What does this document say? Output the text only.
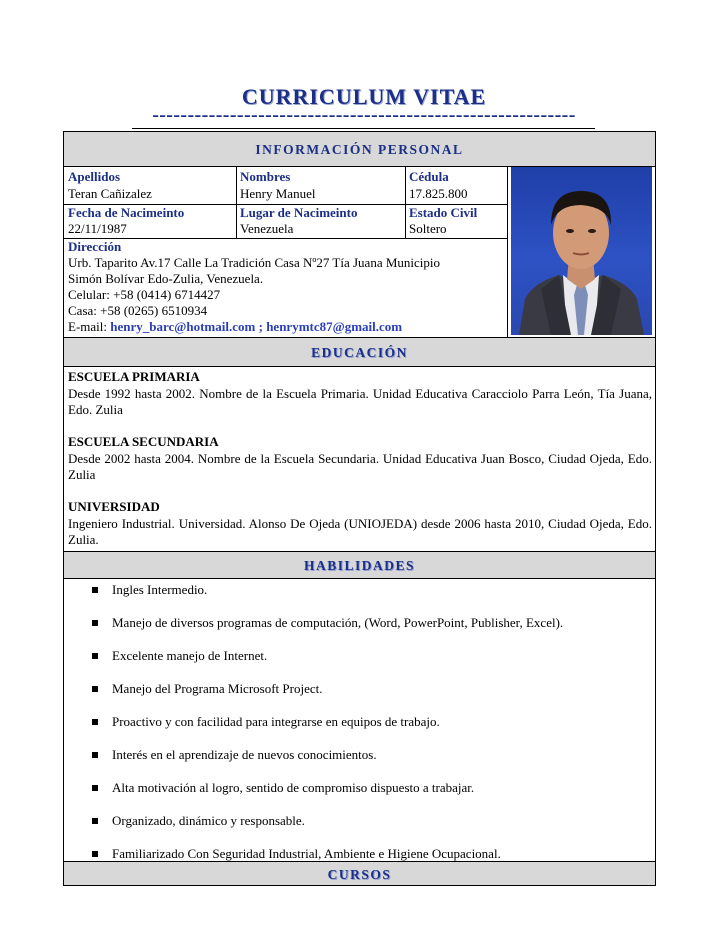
CURRICULUM VITAE
------------------------------------------------------------
INFORMACIÓN PERSONAL
Apellidos
Teran Cañizalez
Nombres
Henry Manuel
Cédula
17.825.800
Fecha de Nacimeinto
22/11/1987
Lugar de Nacimeinto
Venezuela
Estado Civil
Soltero
Dirección
Urb. Taparito Av.17 Calle La Tradición Casa Nº27 Tía Juana Municipio
Simón Bolívar Edo-Zulia, Venezuela.
Celular: +58 (0414) 6714427
Casa: +58 (0265) 6510934
E-mail: henry_barc@hotmail.com ; henrymtc87@gmail.com
EDUCACIÓN
ESCUELA PRIMARIA
Desde 1992 hasta 2002. Nombre de la Escuela Primaria. Unidad Educativa Caracciolo Parra León, Tía Juana, Edo. Zulia
ESCUELA SECUNDARIA
Desde 2002 hasta 2004. Nombre de la Escuela Secundaria. Unidad Educativa Juan Bosco, Ciudad Ojeda, Edo. Zulia
UNIVERSIDAD
Ingeniero Industrial. Universidad. Alonso De Ojeda (UNIOJEDA) desde 2006 hasta 2010, Ciudad Ojeda, Edo. Zulia.
HABILIDADES
Ingles Intermedio.
Manejo de diversos programas de computación, (Word, PowerPoint, Publisher, Excel).
Excelente manejo de Internet.
Manejo del Programa Microsoft Project.
Proactivo y con facilidad para integrarse en equipos de trabajo.
Interés en el aprendizaje de nuevos conocimientos.
Alta motivación al logro, sentido de compromiso dispuesto a trabajar.
Organizado, dinámico y responsable.
Familiarizado Con Seguridad Industrial, Ambiente e Higiene Ocupacional.
CURSOS
